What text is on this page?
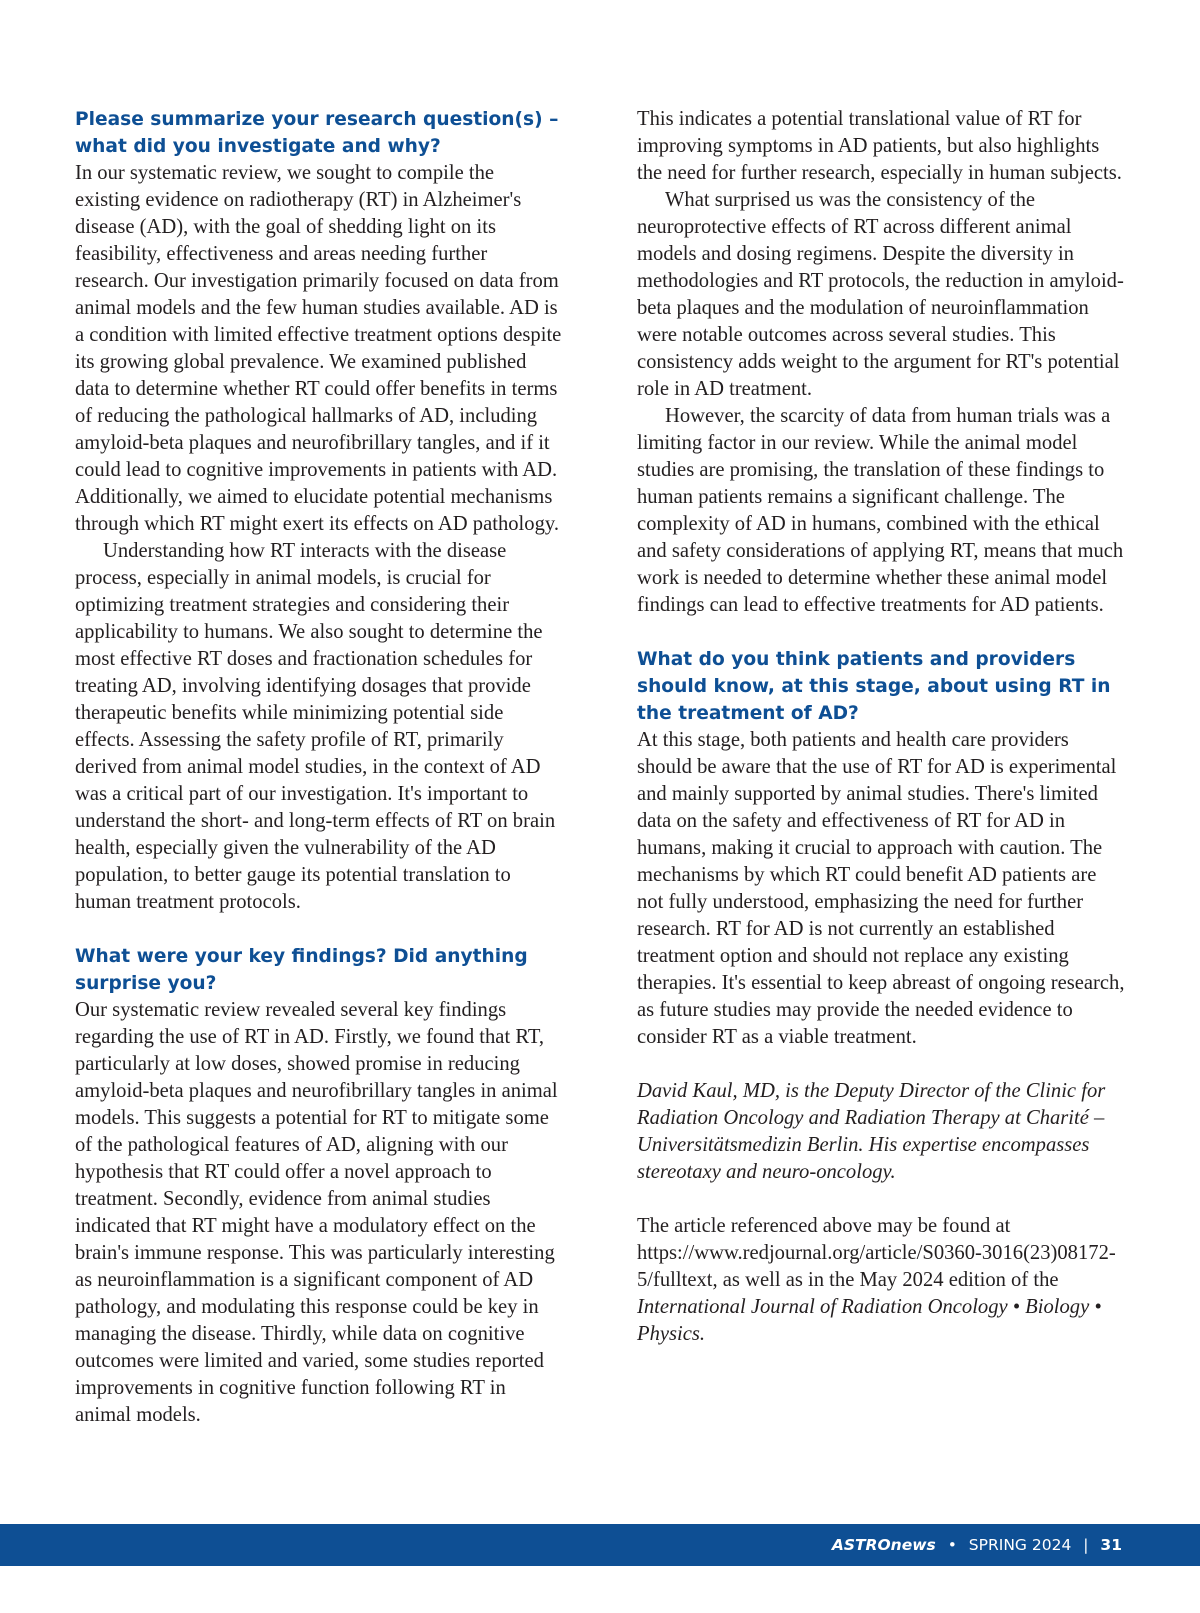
Please summarize your research question(s) – what did you investigate and why?

In our systematic review, we sought to compile the existing evidence on radiotherapy (RT) in Alzheimer's disease (AD), with the goal of shedding light on its feasibility, effectiveness and areas needing further research. Our investigation primarily focused on data from animal models and the few human studies available. AD is a condition with limited effective treatment options despite its growing global prevalence. We examined published data to determine whether RT could offer benefits in terms of reducing the pathological hallmarks of AD, including amyloid-beta plaques and neurofibrillary tangles, and if it could lead to cognitive improvements in patients with AD. Additionally, we aimed to elucidate potential mechanisms through which RT might exert its effects on AD pathology.

Understanding how RT interacts with the disease process, especially in animal models, is crucial for optimizing treatment strategies and considering their applicability to humans. We also sought to determine the most effective RT doses and fractionation schedules for treating AD, involving identifying dosages that provide therapeutic benefits while minimizing potential side effects. Assessing the safety profile of RT, primarily derived from animal model studies, in the context of AD was a critical part of our investigation. It's important to understand the short- and long-term effects of RT on brain health, especially given the vulnerability of the AD population, to better gauge its potential translation to human treatment protocols.

What were your key findings? Did anything surprise you?

Our systematic review revealed several key findings regarding the use of RT in AD. Firstly, we found that RT, particularly at low doses, showed promise in reducing amyloid-beta plaques and neurofibrillary tangles in animal models. This suggests a potential for RT to mitigate some of the pathological features of AD, aligning with our hypothesis that RT could offer a novel approach to treatment. Secondly, evidence from animal studies indicated that RT might have a modulatory effect on the brain's immune response. This was particularly interesting as neuroinflammation is a significant component of AD pathology, and modulating this response could be key in managing the disease. Thirdly, while data on cognitive outcomes were limited and varied, some studies reported improvements in cognitive function following RT in animal models.

This indicates a potential translational value of RT for improving symptoms in AD patients, but also highlights the need for further research, especially in human subjects.

What surprised us was the consistency of the neuroprotective effects of RT across different animal models and dosing regimens. Despite the diversity in methodologies and RT protocols, the reduction in amyloid-beta plaques and the modulation of neuroinflammation were notable outcomes across several studies. This consistency adds weight to the argument for RT's potential role in AD treatment.

However, the scarcity of data from human trials was a limiting factor in our review. While the animal model studies are promising, the translation of these findings to human patients remains a significant challenge. The complexity of AD in humans, combined with the ethical and safety considerations of applying RT, means that much work is needed to determine whether these animal model findings can lead to effective treatments for AD patients.

What do you think patients and providers should know, at this stage, about using RT in the treatment of AD?

At this stage, both patients and health care providers should be aware that the use of RT for AD is experimental and mainly supported by animal studies. There's limited data on the safety and effectiveness of RT for AD in humans, making it crucial to approach with caution. The mechanisms by which RT could benefit AD patients are not fully understood, emphasizing the need for further research. RT for AD is not currently an established treatment option and should not replace any existing therapies. It's essential to keep abreast of ongoing research, as future studies may provide the needed evidence to consider RT as a viable treatment.

David Kaul, MD, is the Deputy Director of the Clinic for Radiation Oncology and Radiation Therapy at Charité – Universitätsmedizin Berlin. His expertise encompasses stereotaxy and neuro-oncology.

The article referenced above may be found at https://www.redjournal.org/article/S0360-3016(23)08172-5/fulltext, as well as in the May 2024 edition of the International Journal of Radiation Oncology • Biology • Physics.

ASTROnews • SPRING 2024 | 31
